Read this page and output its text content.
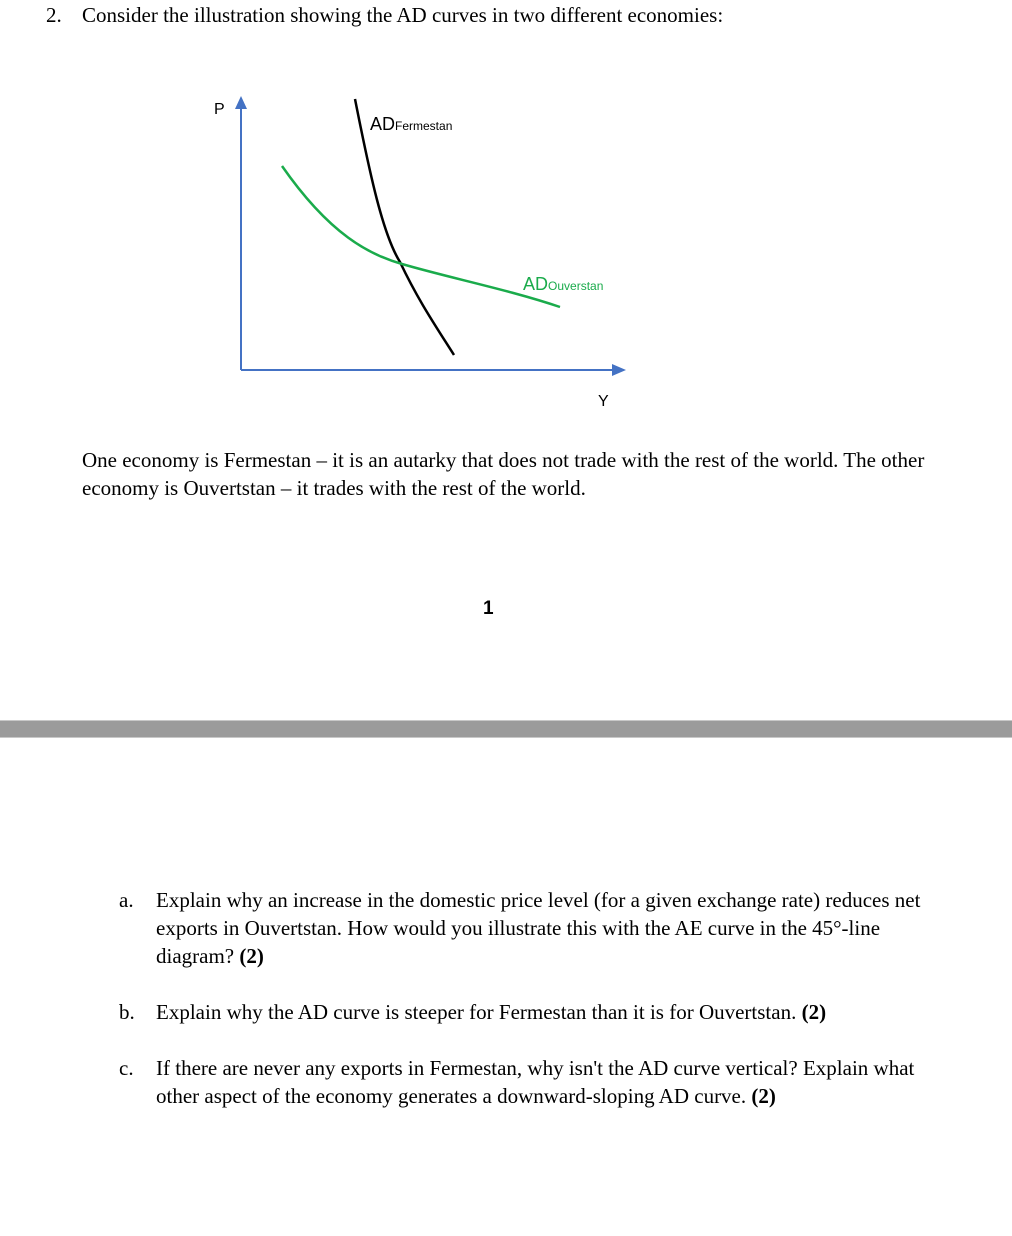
2. Consider the illustration showing the AD curves in two different economies:
P
Y
ADFermestan
ADOuverstan
One economy is Fermestan – it is an autarky that does not trade with the rest of the world. The other economy is Ouvertstan – it trades with the rest of the world.
1
a. Explain why an increase in the domestic price level (for a given exchange rate) reduces net exports in Ouvertstan. How would you illustrate this with the AE curve in the 45°-line diagram? (2)
b. Explain why the AD curve is steeper for Fermestan than it is for Ouvertstan. (2)
c. If there are never any exports in Fermestan, why isn't the AD curve vertical? Explain what other aspect of the economy generates a downward-sloping AD curve. (2)
